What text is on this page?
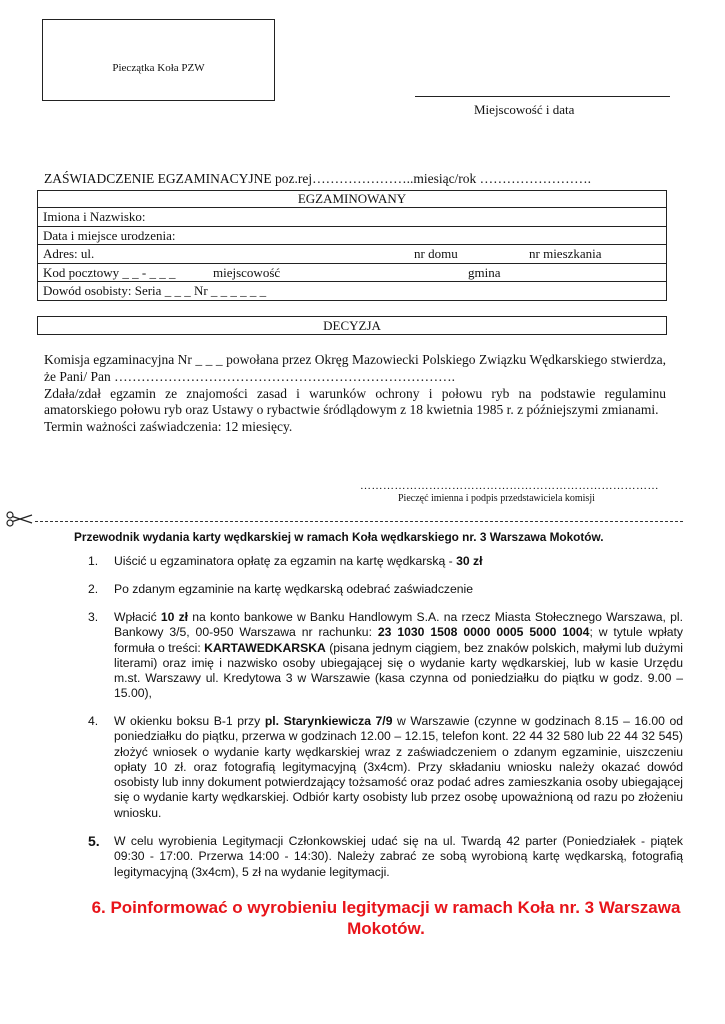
Pieczątka Koła PZW
Miejscowość i data
ZAŚWIADCZENIE EGZAMINACYJNE poz.rej…………………..miesiąc/rok …………………….
EGZAMINOWANY
Imiona i Nazwisko:
Data i miejsce urodzenia:
Adres: ul.	nr domu	nr mieszkania
Kod pocztowy _ _ - _ _ _	miejscowość	gmina
Dowód osobisty: Seria _ _ _ Nr _ _ _ _ _ _
DECYZJA

Komisja egzaminacyjna Nr _ _ _ powołana przez Okręg Mazowiecki Polskiego Związku Wędkarskiego stwierdza, że Pani/ Pan ………………………………………………………………….

Zdała/zdał egzamin ze znajomości zasad i warunków ochrony i połowu ryb na podstawie regulaminu amatorskiego połowu ryb oraz Ustawy o rybactwie śródlądowym z 18 kwietnia 1985 r. z późniejszymi zmianami.

Termin ważności zaświadczenia: 12 miesięcy.

……………………………………………………………………
Pieczęć imienna i podpis przedstawiciela komisji
Przewodnik wydania karty wędkarskiej w ramach Koła wędkarskiego nr. 3 Warszawa Mokotów.
1. Uiścić u egzaminatora opłatę za egzamin na kartę wędkarską - 30 zł
2. Po zdanym egzaminie na kartę wędkarską odebrać zaświadczenie
3. Wpłacić 10 zł na konto bankowe w Banku Handlowym S.A. na rzecz Miasta Stołecznego Warszawa, pl. Bankowy 3/5, 00-950 Warszawa nr rachunku: 23 1030 1508 0000 0005 5000 1004; w tytule wpłaty formuła o treści: KARTAWEDKARSKA (pisana jednym ciągiem, bez znaków polskich, małymi lub dużymi literami) oraz imię i nazwisko osoby ubiegającej się o wydanie karty wędkarskiej, lub w kasie Urzędu m.st. Warszawy ul. Kredytowa 3 w Warszawie (kasa czynna od poniedziałku do piątku w godz. 9.00 – 15.00),
4. W okienku boksu B-1 przy pl. Starynkiewicza 7/9 w Warszawie (czynne w godzinach 8.15 – 16.00 od poniedziałku do piątku, przerwa w godzinach 12.00 – 12.15, telefon kont. 22 44 32 580 lub 22 44 32 545) złożyć wniosek o wydanie karty wędkarskiej wraz z zaświadczeniem o zdanym egzaminie, uiszczeniu opłaty 10 zł. oraz fotografią legitymacyjną (3x4cm). Przy składaniu wniosku należy okazać dowód osobisty lub inny dokument potwierdzający tożsamość oraz podać adres zamieszkania osoby ubiegającej się o wydanie karty wędkarskiej. Odbiór karty osobisty lub przez osobę upoważnioną od razu po złożeniu wniosku.
5. W celu wyrobienia Legitymacji Członkowskiej udać się na ul. Twardą 42 parter (Poniedziałek - piątek 09:30 - 17:00. Przerwa 14:00 - 14:30). Należy zabrać ze sobą wyrobioną kartę wędkarską, fotografią legitymacyjną (3x4cm), 5 zł na wydanie legitymacji.
6. Poinformować o wyrobieniu legitymacji w ramach Koła nr. 3 Warszawa Mokotów.
